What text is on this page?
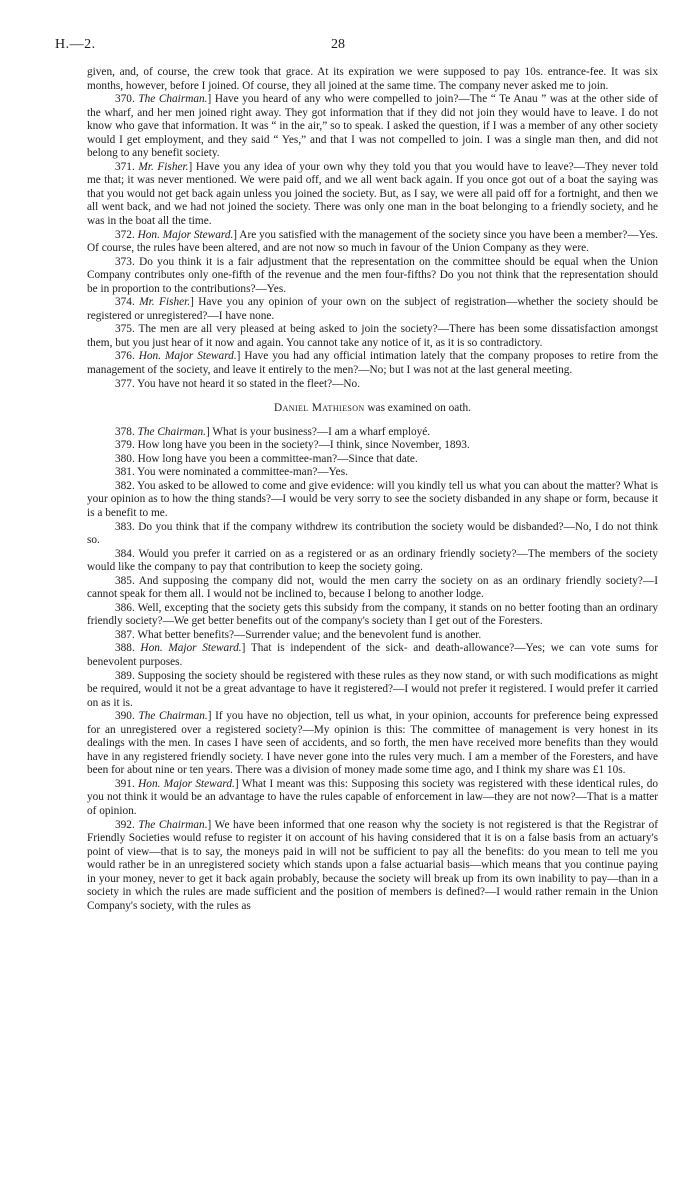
H.—2.	28

given, and, of course, the crew took that grace. At its expiration we were supposed to pay 10s. entrance-fee. It was six months, however, before I joined. Of course, they all joined at the same time. The company never asked me to join.

370. The Chairman.] Have you heard of any who were compelled to join?—The “ Te Anau ” was at the other side of the wharf, and her men joined right away. They got information that if they did not join they would have to leave. I do not know who gave that information. It was “ in the air,” so to speak. I asked the question, if I was a member of any other society would I get employment, and they said “ Yes,” and that I was not compelled to join. I was a single man then, and did not belong to any benefit society.

371. Mr. Fisher.] Have you any idea of your own why they told you that you would have to leave?—They never told me that; it was never mentioned. We were paid off, and we all went back again. If you once got out of a boat the saying was that you would not get back again unless you joined the society. But, as I say, we were all paid off for a fortnight, and then we all went back, and we had not joined the society. There was only one man in the boat belonging to a friendly society, and he was in the boat all the time.

372. Hon. Major Steward.] Are you satisfied with the management of the society since you have been a member?—Yes. Of course, the rules have been altered, and are not now so much in favour of the Union Company as they were.

373. Do you think it is a fair adjustment that the representation on the committee should be equal when the Union Company contributes only one-fifth of the revenue and the men four-fifths? Do you not think that the representation should be in proportion to the contributions?—Yes.

374. Mr. Fisher.] Have you any opinion of your own on the subject of registration—whether the society should be registered or unregistered?—I have none.

375. The men are all very pleased at being asked to join the society?—There has been some dissatisfaction amongst them, but you just hear of it now and again. You cannot take any notice of it, as it is so contradictory.

376. Hon. Major Steward.] Have you had any official intimation lately that the company proposes to retire from the management of the society, and leave it entirely to the men?—No; but I was not at the last general meeting.

377. You have not heard it so stated in the fleet?—No.

Daniel Mathieson was examined on oath.

378. The Chairman.] What is your business?—I am a wharf employé.

379. How long have you been in the society?—I think, since November, 1893.

380. How long have you been a committee-man?—Since that date.

381. You were nominated a committee-man?—Yes.

382. You asked to be allowed to come and give evidence: will you kindly tell us what you can about the matter? What is your opinion as to how the thing stands?—I would be very sorry to see the society disbanded in any shape or form, because it is a benefit to me.

383. Do you think that if the company withdrew its contribution the society would be disbanded?—No, I do not think so.

384. Would you prefer it carried on as a registered or as an ordinary friendly society?—The members of the society would like the company to pay that contribution to keep the society going.

385. And supposing the company did not, would the men carry the society on as an ordinary friendly society?—I cannot speak for them all. I would not be inclined to, because I belong to another lodge.

386. Well, excepting that the society gets this subsidy from the company, it stands on no better footing than an ordinary friendly society?—We get better benefits out of the company's society than I get out of the Foresters.

387. What better benefits?—Surrender value; and the benevolent fund is another.

388. Hon. Major Steward.] That is independent of the sick- and death-allowance?—Yes; we can vote sums for benevolent purposes.

389. Supposing the society should be registered with these rules as they now stand, or with such modifications as might be required, would it not be a great advantage to have it registered?—I would not prefer it registered. I would prefer it carried on as it is.

390. The Chairman.] If you have no objection, tell us what, in your opinion, accounts for preference being expressed for an unregistered over a registered society?—My opinion is this: The committee of management is very honest in its dealings with the men. In cases I have seen of accidents, and so forth, the men have received more benefits than they would have in any registered friendly society. I have never gone into the rules very much. I am a member of the Foresters, and have been for about nine or ten years. There was a division of money made some time ago, and I think my share was £1 10s.

391. Hon. Major Steward.] What I meant was this: Supposing this society was registered with these identical rules, do you not think it would be an advantage to have the rules capable of enforcement in law—they are not now?—That is a matter of opinion.

392. The Chairman.] We have been informed that one reason why the society is not registered is that the Registrar of Friendly Societies would refuse to register it on account of his having considered that it is on a false basis from an actuary's point of view—that is to say, the moneys paid in will not be sufficient to pay all the benefits: do you mean to tell me you would rather be in an unregistered society which stands upon a false actuarial basis—which means that you continue paying in your money, never to get it back again probably, because the society will break up from its own inability to pay—than in a society in which the rules are made sufficient and the position of members is defined?—I would rather remain in the Union Company's society, with the rules as
